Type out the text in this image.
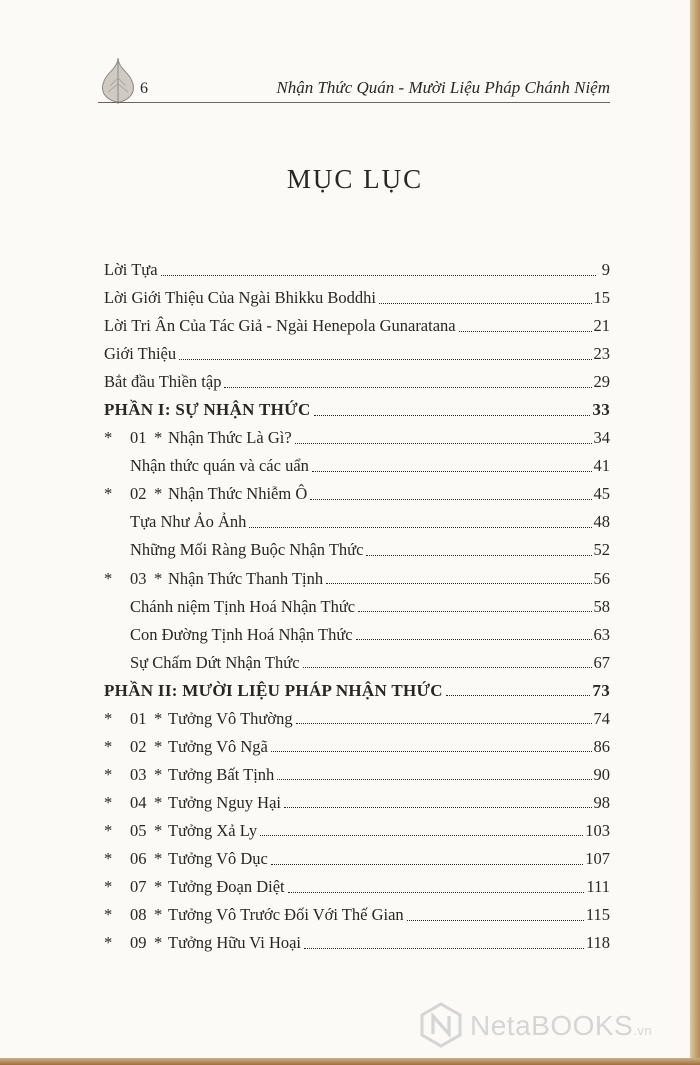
6	Nhận Thức Quán - Mười Liệu Pháp Chánh Niệm
MỤC LỤC
Lời Tựa	9
Lời Giới Thiệu Của Ngài Bhikku Boddhi	15
Lời Tri Ân Của Tác Giả - Ngài Henepola Gunaratana	21
Giới Thiệu	23
Bắt đầu Thiền tập	29
PHẦN I: SỰ NHẬN THỨC	33
*	01 * Nhận Thức Là Gì?	34
Nhận thức quán và các uẩn	41
*	02 * Nhận Thức Nhiễm Ô	45
Tựa Như Ảo Ảnh	48
Những Mối Ràng Buộc Nhận Thức	52
*	03 * Nhận Thức Thanh Tịnh	56
Chánh niệm Tịnh Hoá Nhận Thức	58
Con Đường Tịnh Hoá Nhận Thức	63
Sự Chấm Dứt Nhận Thức	67
PHẦN II: MƯỜI LIỆU PHÁP NHẬN THỨC	73
*	01 * Tưởng Vô Thường	74
*	02 * Tưởng Vô Ngã	86
*	03 * Tưởng Bất Tịnh	90
*	04 * Tưởng Nguy Hại	98
*	05 * Tưởng Xả Ly	103
*	06 * Tưởng Vô Dục	107
*	07 * Tưởng Đoạn Diệt	111
*	08 * Tưởng Vô Trước Đối Với Thế Gian	115
*	09 * Tưởng Hữu Vi Hoại	118
NetaBOOKS.vn
